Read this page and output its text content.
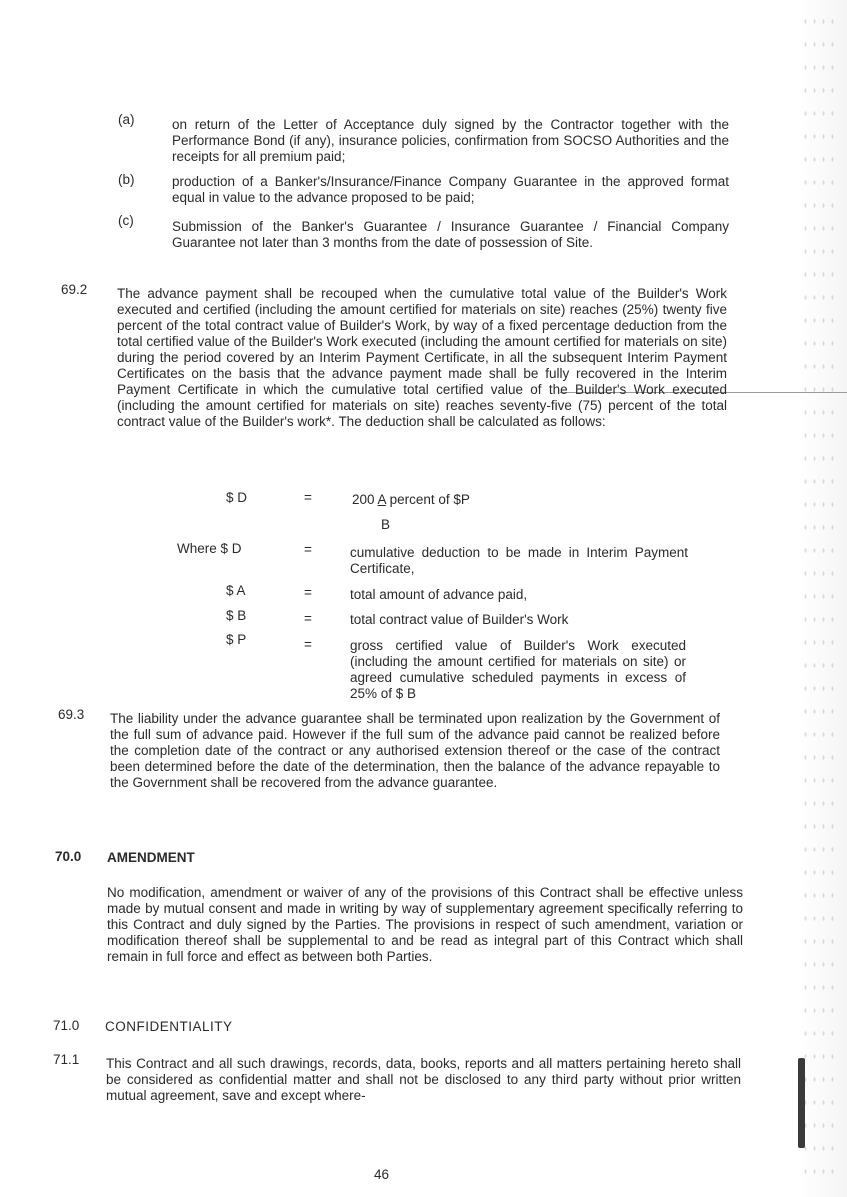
(a)	on return of the Letter of Acceptance duly signed by the Contractor together with the Performance Bond (if any), insurance policies, confirmation from SOCSO Authorities and the receipts for all premium paid;
(b)	production of a Banker's/Insurance/Finance Company Guarantee in the approved format equal in value to the advance proposed to be paid;
(c)	Submission of the Banker's Guarantee / Insurance Guarantee / Financial Company Guarantee not later than 3 months from the date of possession of Site.
69.2 The advance payment shall be recouped when the cumulative total value of the Builder's Work executed and certified (including the amount certified for materials on site) reaches (25%) twenty five percent of the total contract value of Builder's Work, by way of a fixed percentage deduction from the total certified value of the Builder's Work executed (including the amount certified for materials on site) during the period covered by an Interim Payment Certificate, in all the subsequent Interim Payment Certificates on the basis that the advance payment made shall be fully recovered in the Interim Payment Certificate in which the cumulative total certified value of the Builder's Work executed (including the amount certified for materials on site) reaches seventy-five (75) percent of the total contract value of the Builder's work*. The deduction shall be calculated as follows:
$ D	=	200 A percent of $P
B
Where $ D	=	cumulative deduction to be made in Interim Payment Certificate,
$ A	=	total amount of advance paid,
$ B	=	total contract value of Builder's Work
$ P	=	gross certified value of Builder's Work executed (including the amount certified for materials on site) or agreed cumulative scheduled payments in excess of 25% of $ B
69.3 The liability under the advance guarantee shall be terminated upon realization by the Government of the full sum of advance paid. However if the full sum of the advance paid cannot be realized before the completion date of the contract or any authorised extension thereof or the case of the contract been determined before the date of the determination, then the balance of the advance repayable to the Government shall be recovered from the advance guarantee.
70.0 AMENDMENT
No modification, amendment or waiver of any of the provisions of this Contract shall be effective unless made by mutual consent and made in writing by way of supplementary agreement specifically referring to this Contract and duly signed by the Parties. The provisions in respect of such amendment, variation or modification thereof shall be supplemental to and be read as integral part of this Contract which shall remain in full force and effect as between both Parties.
71.0 CONFIDENTIALITY
71.1 This Contract and all such drawings, records, data, books, reports and all matters pertaining hereto shall be considered as confidential matter and shall not be disclosed to any third party without prior written mutual agreement, save and except where-
46
